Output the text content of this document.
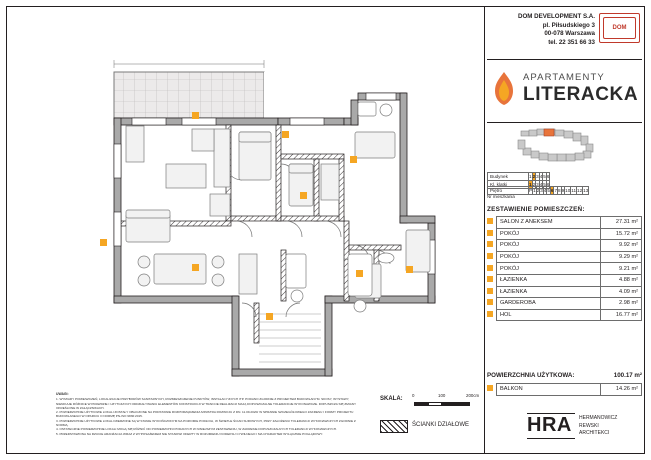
DOM DEVELOPMENT S.A.
pl. Piłsudskiego 3
00-078 Warszawa
tel. 22 351 66 33
DOM
APARTAMENTY
LITERACKA
Budynek	1	2	3	4	5	6
Kl. klatki	1	2	3	4	5	6
Piętro	P	1	2	3	4	5	6	7	8	9	10	11	12	13
Nr mieszkania
ZESTAWIENIE POMIESZCZEŃ:
	SALON Z ANEKSEM	27.31 m²
	POKÓJ	15.72 m²
	POKÓJ	9.92 m²
	POKÓJ	9.29 m²
	POKÓJ	9.21 m²
	ŁAZIENKA	4.88 m²
	ŁAZIENKA	4.09 m²
	GARDEROBA	2.98 m²
	HOL	16.77 m²
POWIERZCHNIA UŻYTKOWA:	100.17 m²
	BALKON	14.26 m²
SKALA:
0	100	200cm
ŚCIANKI DZIAŁOWE	HRA HERMANOWICZ
REWSKI
ARCHITEKCI
UWAGI:
1. WYMIARY POMIESZCZEŃ, LOKALIZACJE PRZYBORÓW SANITARNYCH, ROZMIESZCZENIE PUNKTÓW, INSTALACYJNYCH ITP. PODANO ZGODNIE Z PROJEKTEM BUDOWLANYM. SKOSY, WYSTAWY, NIENIKAJE RÓŻNICE W PRAWDZIE I UZYTCZAYCH ODDZIAŁYWANIU ELEMENTÓW KONSTRUKCJI W TRAKCIE REALIZACJI MAJĄ DOPUSZCZALNE TOLERANCJE WYKONAWCZE. DOPUSZCZA SIĘ ZMIANY OKREŚLONE W ZAŁĄCZNIKACH.
2. POWIERZCHNIE UŻYTKOWE LOKALI ZOSTAŁY OBLICZONE NA PODSTAWIE ROZPORZĄDZENIA MINISTRA ROZWOJU Z DN. 11.09.2020r W SPRAWIE SZCZEGÓŁOWEGO ZAKRESU I FORMY PROJEKTU BUDOWLANEGO W OPARCIU O NORMĘ PN-ISO 9836:2015.
3. POWIERZCHNIE UŻYTKOWE LOKALI MIERZONE SĄ W STANIE WYKOŃCZONYM NA POZIOMIE PODŁOGI, W ŚWIETLE ŚCIAN SUROWYCH, PRZY ZAŁOŻENIU TOLERANCJI WYKONAWCZYCH ZGODNIE Z NORMĄ.
4. OSTATECZNE POWIERZCHNIE LOKALI MOGĄ SIĘ RÓŻNIĆ OD POWIERZCHNI PODANYCH W NINIEJSZYM ZESTAWIENIU, W ZAKRESIE DOPUSZCZALNYCH TOLERANCJI WYKONAWCZYCH.
5. PRZEDSTAWIONA NA RZUCIE ARANŻACJA WRAZ Z WYPOSAŻENIEM NIE STANOWI OFERTY W ROZUMIENIU KODEKSU CYWILNEGO I MA CHARAKTER WYŁĄCZNIE POGLĄDOWY.
